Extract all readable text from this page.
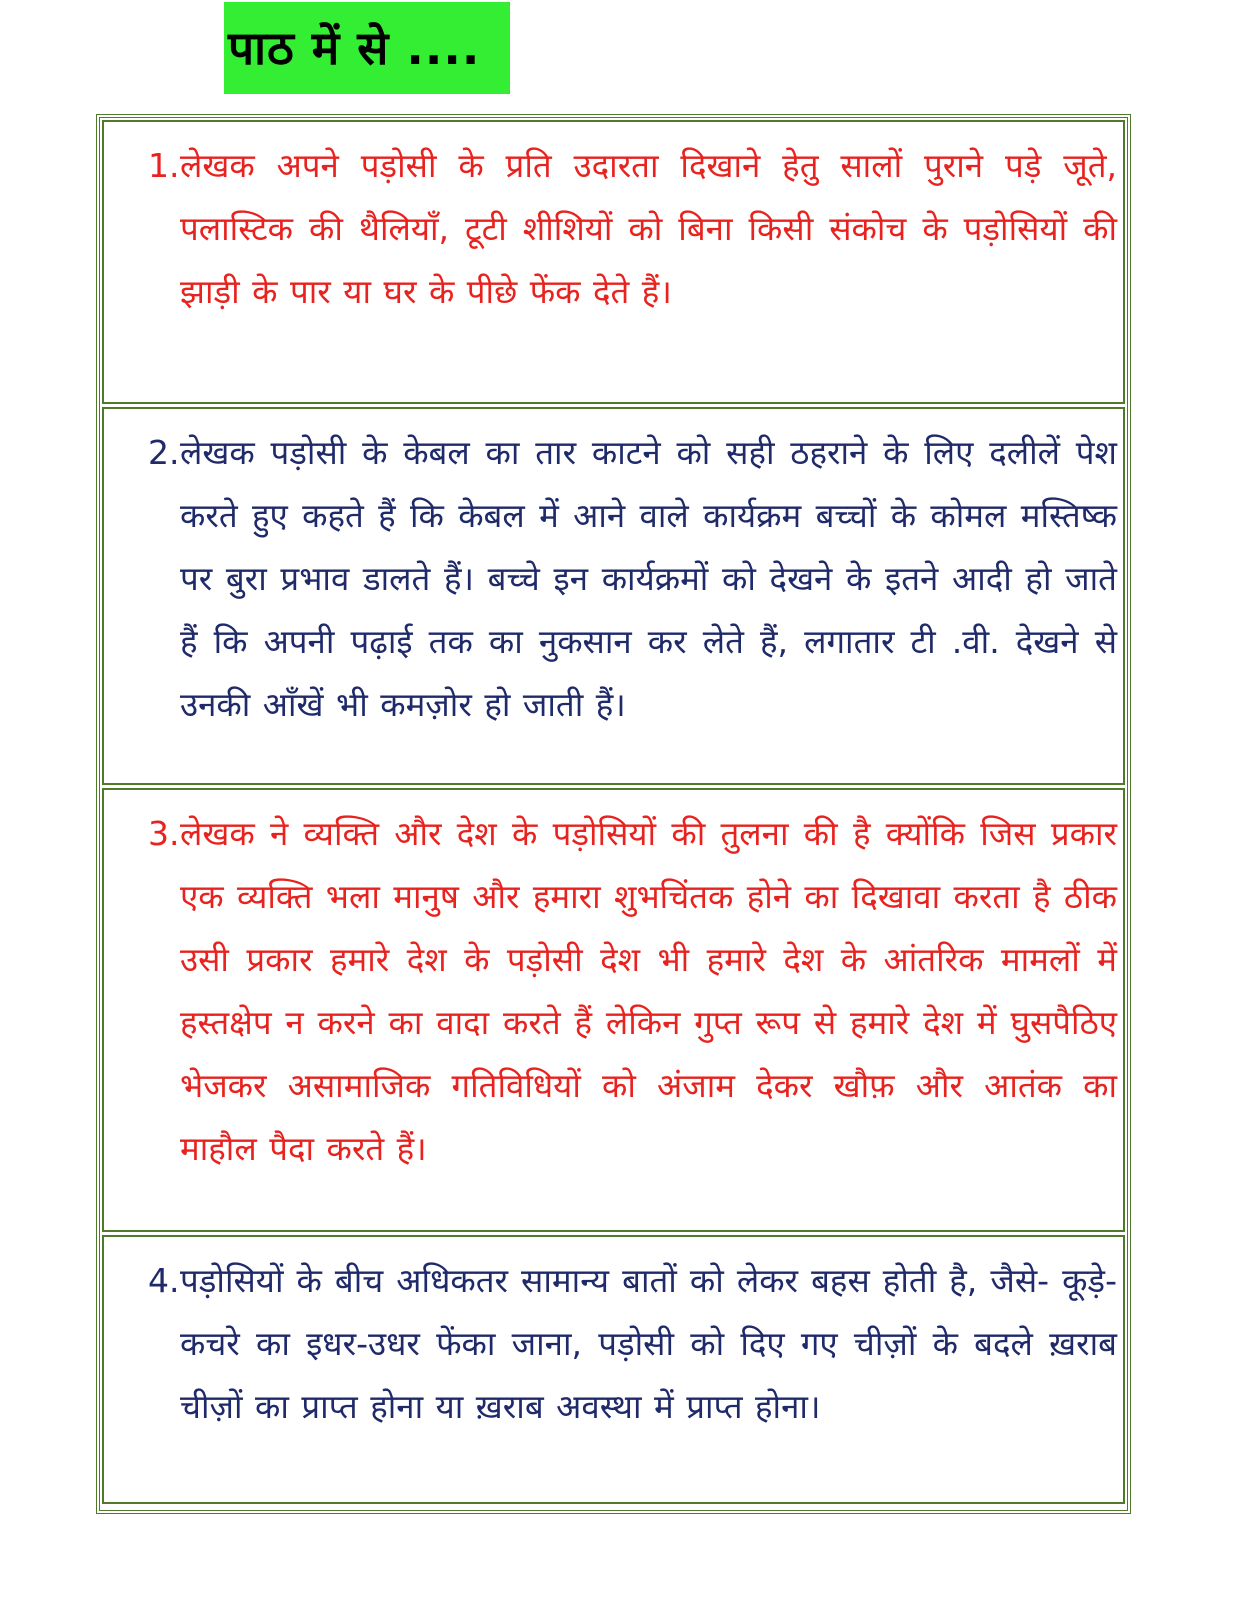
पाठ में से ....
1. लेखक अपने पड़ोसी के प्रति उदारता दिखाने हेतु सालों पुराने पड़े जूते, पलास्टिक की थैलियाँ, टूटी शीशियों को बिना किसी संकोच के पड़ोसियों की झाड़ी के पार या घर के पीछे फेंक देते हैं।
2. लेखक पड़ोसी के केबल का तार काटने को सही ठहराने के लिए दलीलें पेश करते हुए कहते हैं कि केबल में आने वाले कार्यक्रम बच्चों के कोमल मस्तिष्क पर बुरा प्रभाव डालते हैं। बच्चे इन कार्यक्रमों को देखने के इतने आदी हो जाते हैं कि अपनी पढ़ाई तक का नुकसान कर लेते हैं, लगातार टी .वी. देखने से उनकी आँखें भी कमज़ोर हो जाती हैं।
3. लेखक ने व्यक्ति और देश के पड़ोसियों की तुलना की है क्योंकि जिस प्रकार एक व्यक्ति भला मानुष और हमारा शुभचिंतक होने का दिखावा करता है ठीक उसी प्रकार हमारे देश के पड़ोसी देश भी हमारे देश के आंतरिक मामलों में हस्तक्षेप न करने का वादा करते हैं लेकिन गुप्त रूप से हमारे देश में घुसपैठिए भेजकर असामाजिक गतिविधियों को अंजाम देकर खौफ़ और आतंक का माहौल पैदा करते हैं।
4. पड़ोसियों के बीच अधिकतर सामान्य बातों को लेकर बहस होती है, जैसे- कूड़े-कचरे का इधर-उधर फेंका जाना, पड़ोसी को दिए गए चीज़ों के बदले ख़राब चीज़ों का प्राप्त होना या ख़राब अवस्था में प्राप्त होना।
